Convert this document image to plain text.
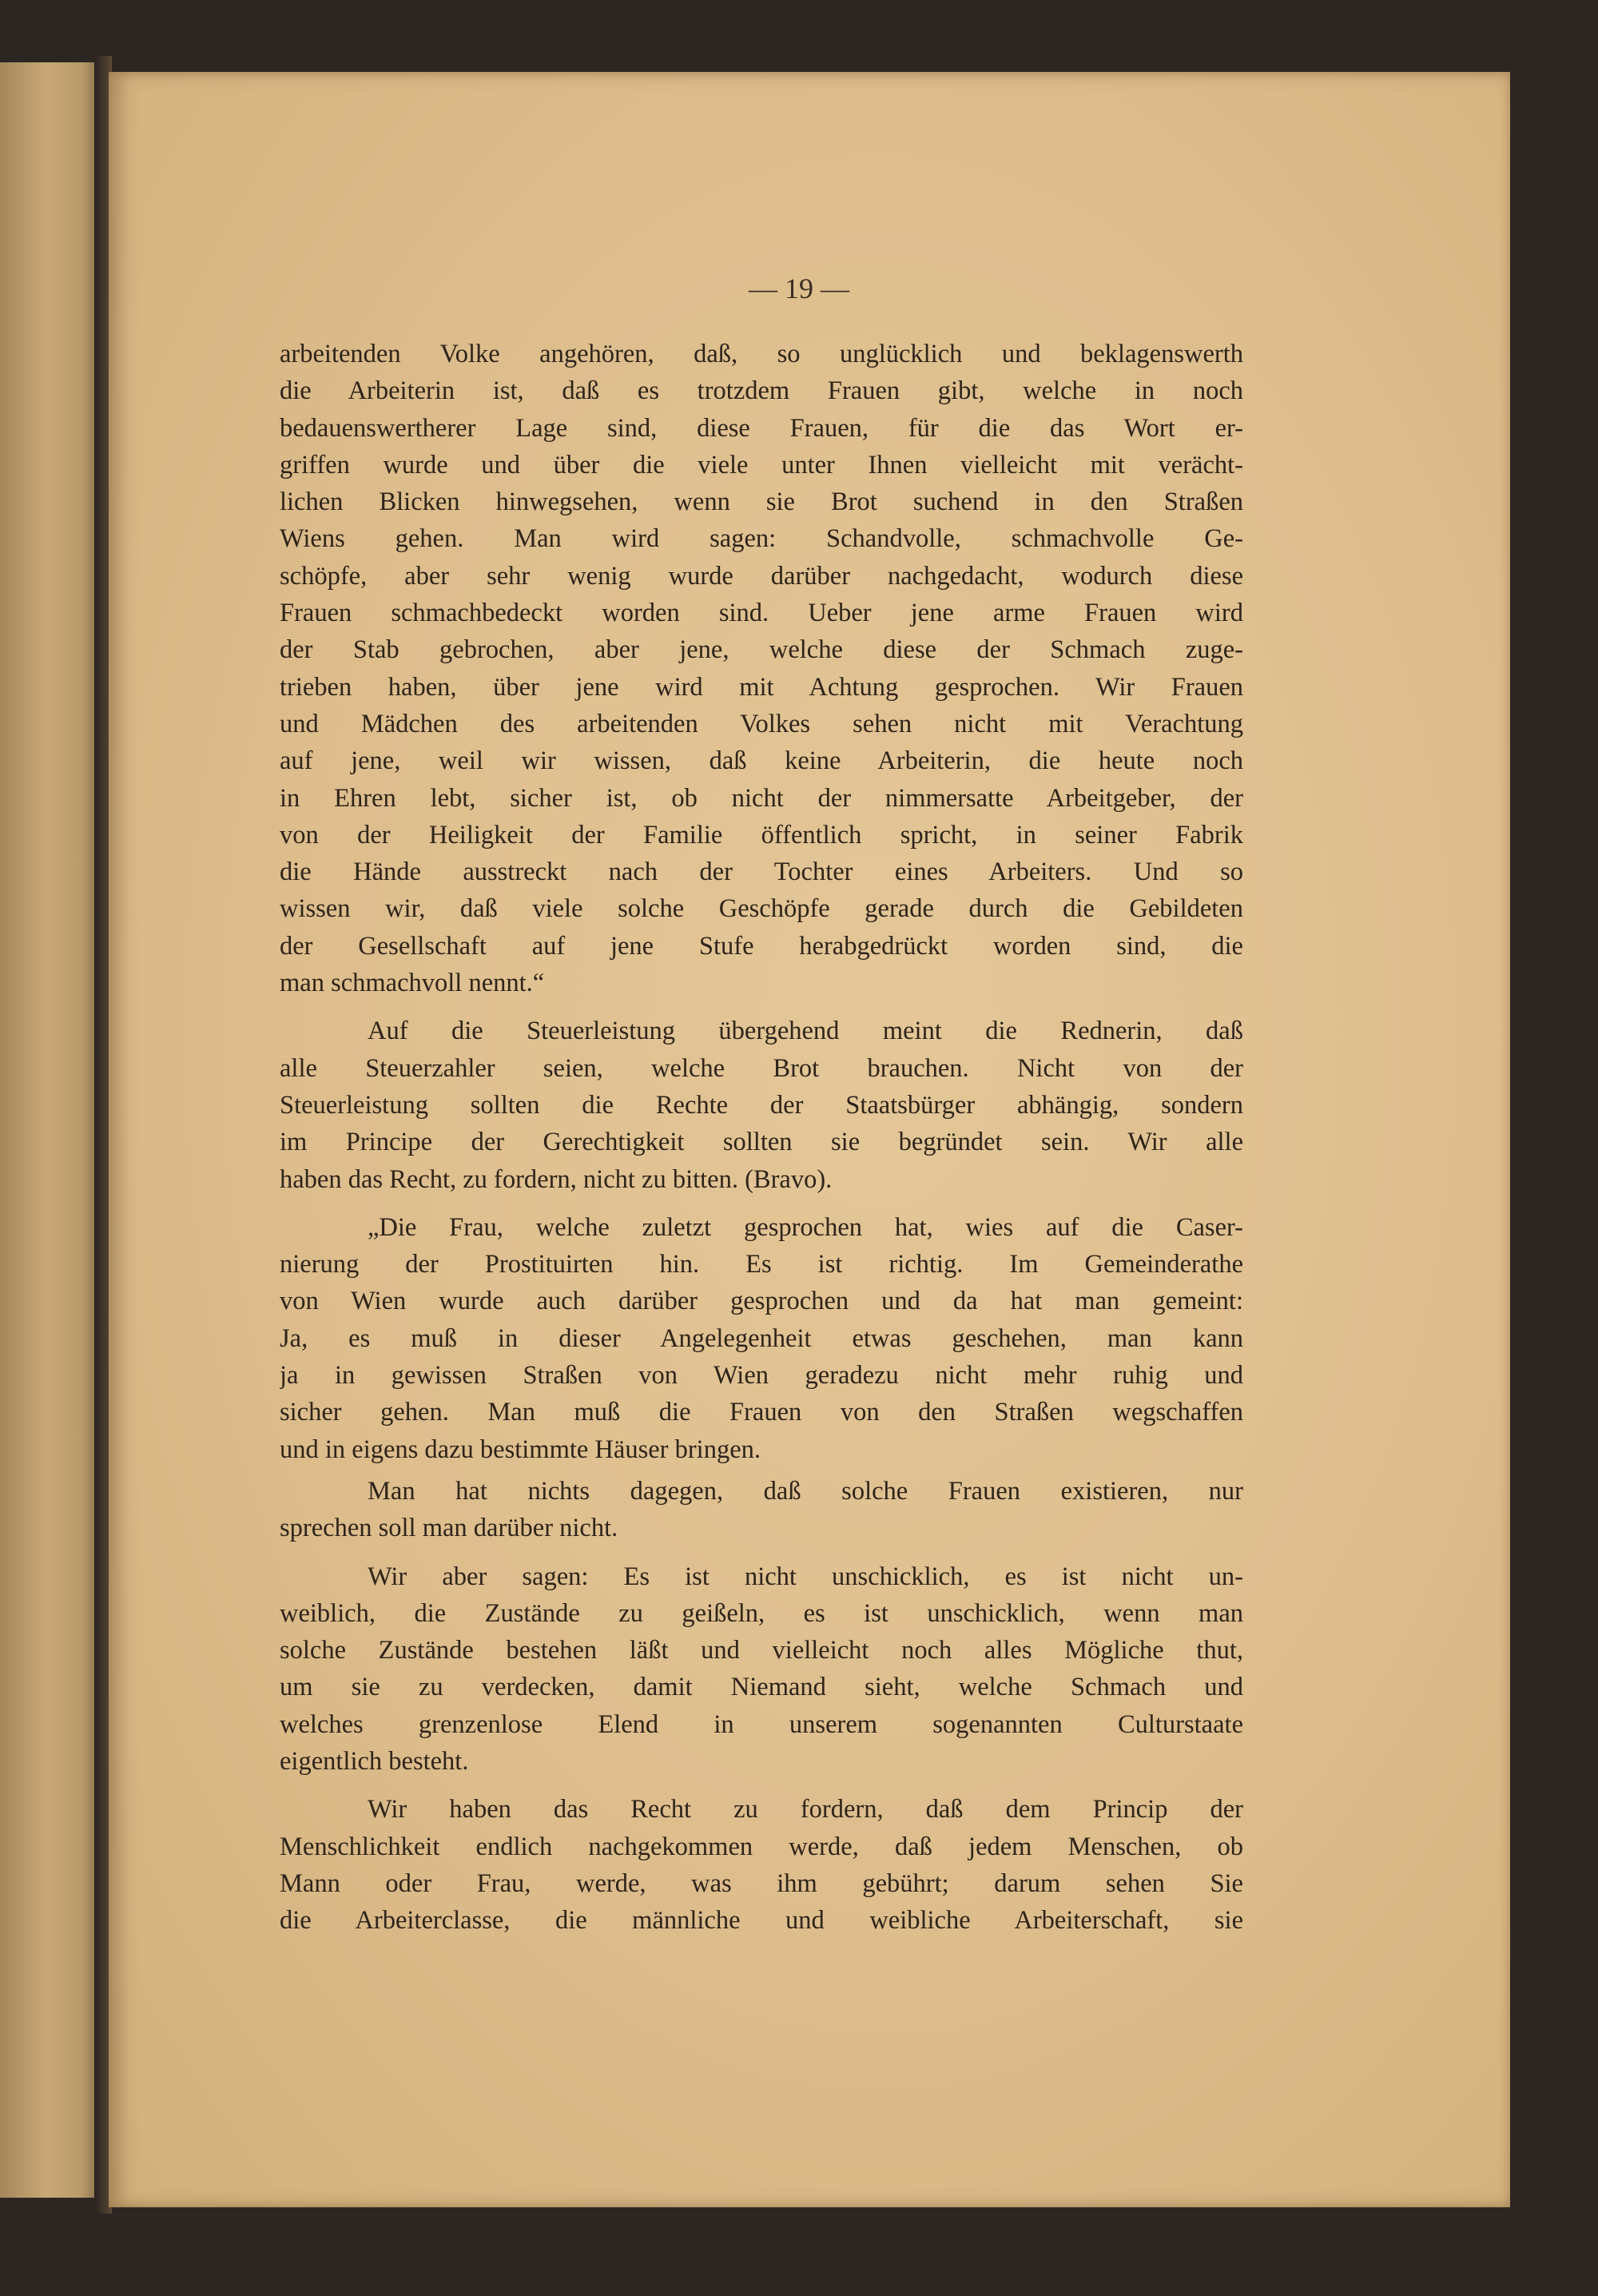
— 19 —
arbeitenden Volke angehören, daß, so unglücklich und beklagenswerth
die Arbeiterin ist, daß es trotzdem Frauen gibt, welche in noch
bedauenswertherer Lage sind, diese Frauen, für die das Wort er-
griffen wurde und über die viele unter Ihnen vielleicht mit verächt-
lichen Blicken hinwegsehen, wenn sie Brot suchend in den Straßen
Wiens gehen. Man wird sagen: Schandvolle, schmachvolle Ge-
schöpfe, aber sehr wenig wurde darüber nachgedacht, wodurch diese
Frauen schmachbedeckt worden sind. Ueber jene arme Frauen wird
der Stab gebrochen, aber jene, welche diese der Schmach zuge-
trieben haben, über jene wird mit Achtung gesprochen. Wir Frauen
und Mädchen des arbeitenden Volkes sehen nicht mit Verachtung
auf jene, weil wir wissen, daß keine Arbeiterin, die heute noch
in Ehren lebt, sicher ist, ob nicht der nimmersatte Arbeitgeber, der
von der Heiligkeit der Familie öffentlich spricht, in seiner Fabrik
die Hände ausstreckt nach der Tochter eines Arbeiters. Und so
wissen wir, daß viele solche Geschöpfe gerade durch die Gebildeten
der Gesellschaft auf jene Stufe herabgedrückt worden sind, die
man schmachvoll nennt.“
Auf die Steuerleistung übergehend meint die Rednerin, daß
alle Steuerzahler seien, welche Brot brauchen. Nicht von der
Steuerleistung sollten die Rechte der Staatsbürger abhängig, sondern
im Principe der Gerechtigkeit sollten sie begründet sein. Wir alle
haben das Recht, zu fordern, nicht zu bitten. (Bravo).
„Die Frau, welche zuletzt gesprochen hat, wies auf die Caser-
nierung der Prostituirten hin. Es ist richtig. Im Gemeinderathe
von Wien wurde auch darüber gesprochen und da hat man gemeint:
Ja, es muß in dieser Angelegenheit etwas geschehen, man kann
ja in gewissen Straßen von Wien geradezu nicht mehr ruhig und
sicher gehen. Man muß die Frauen von den Straßen wegschaffen
und in eigens dazu bestimmte Häuser bringen.
Man hat nichts dagegen, daß solche Frauen existieren, nur
sprechen soll man darüber nicht.
Wir aber sagen: Es ist nicht unschicklich, es ist nicht un-
weiblich, die Zustände zu geißeln, es ist unschicklich, wenn man
solche Zustände bestehen läßt und vielleicht noch alles Mögliche thut,
um sie zu verdecken, damit Niemand sieht, welche Schmach und
welches grenzenlose Elend in unserem sogenannten Culturstaate
eigentlich besteht.
Wir haben das Recht zu fordern, daß dem Princip der
Menschlichkeit endlich nachgekommen werde, daß jedem Menschen, ob
Mann oder Frau, werde, was ihm gebührt; darum sehen Sie
die Arbeiterclasse, die männliche und weibliche Arbeiterschaft, sie
